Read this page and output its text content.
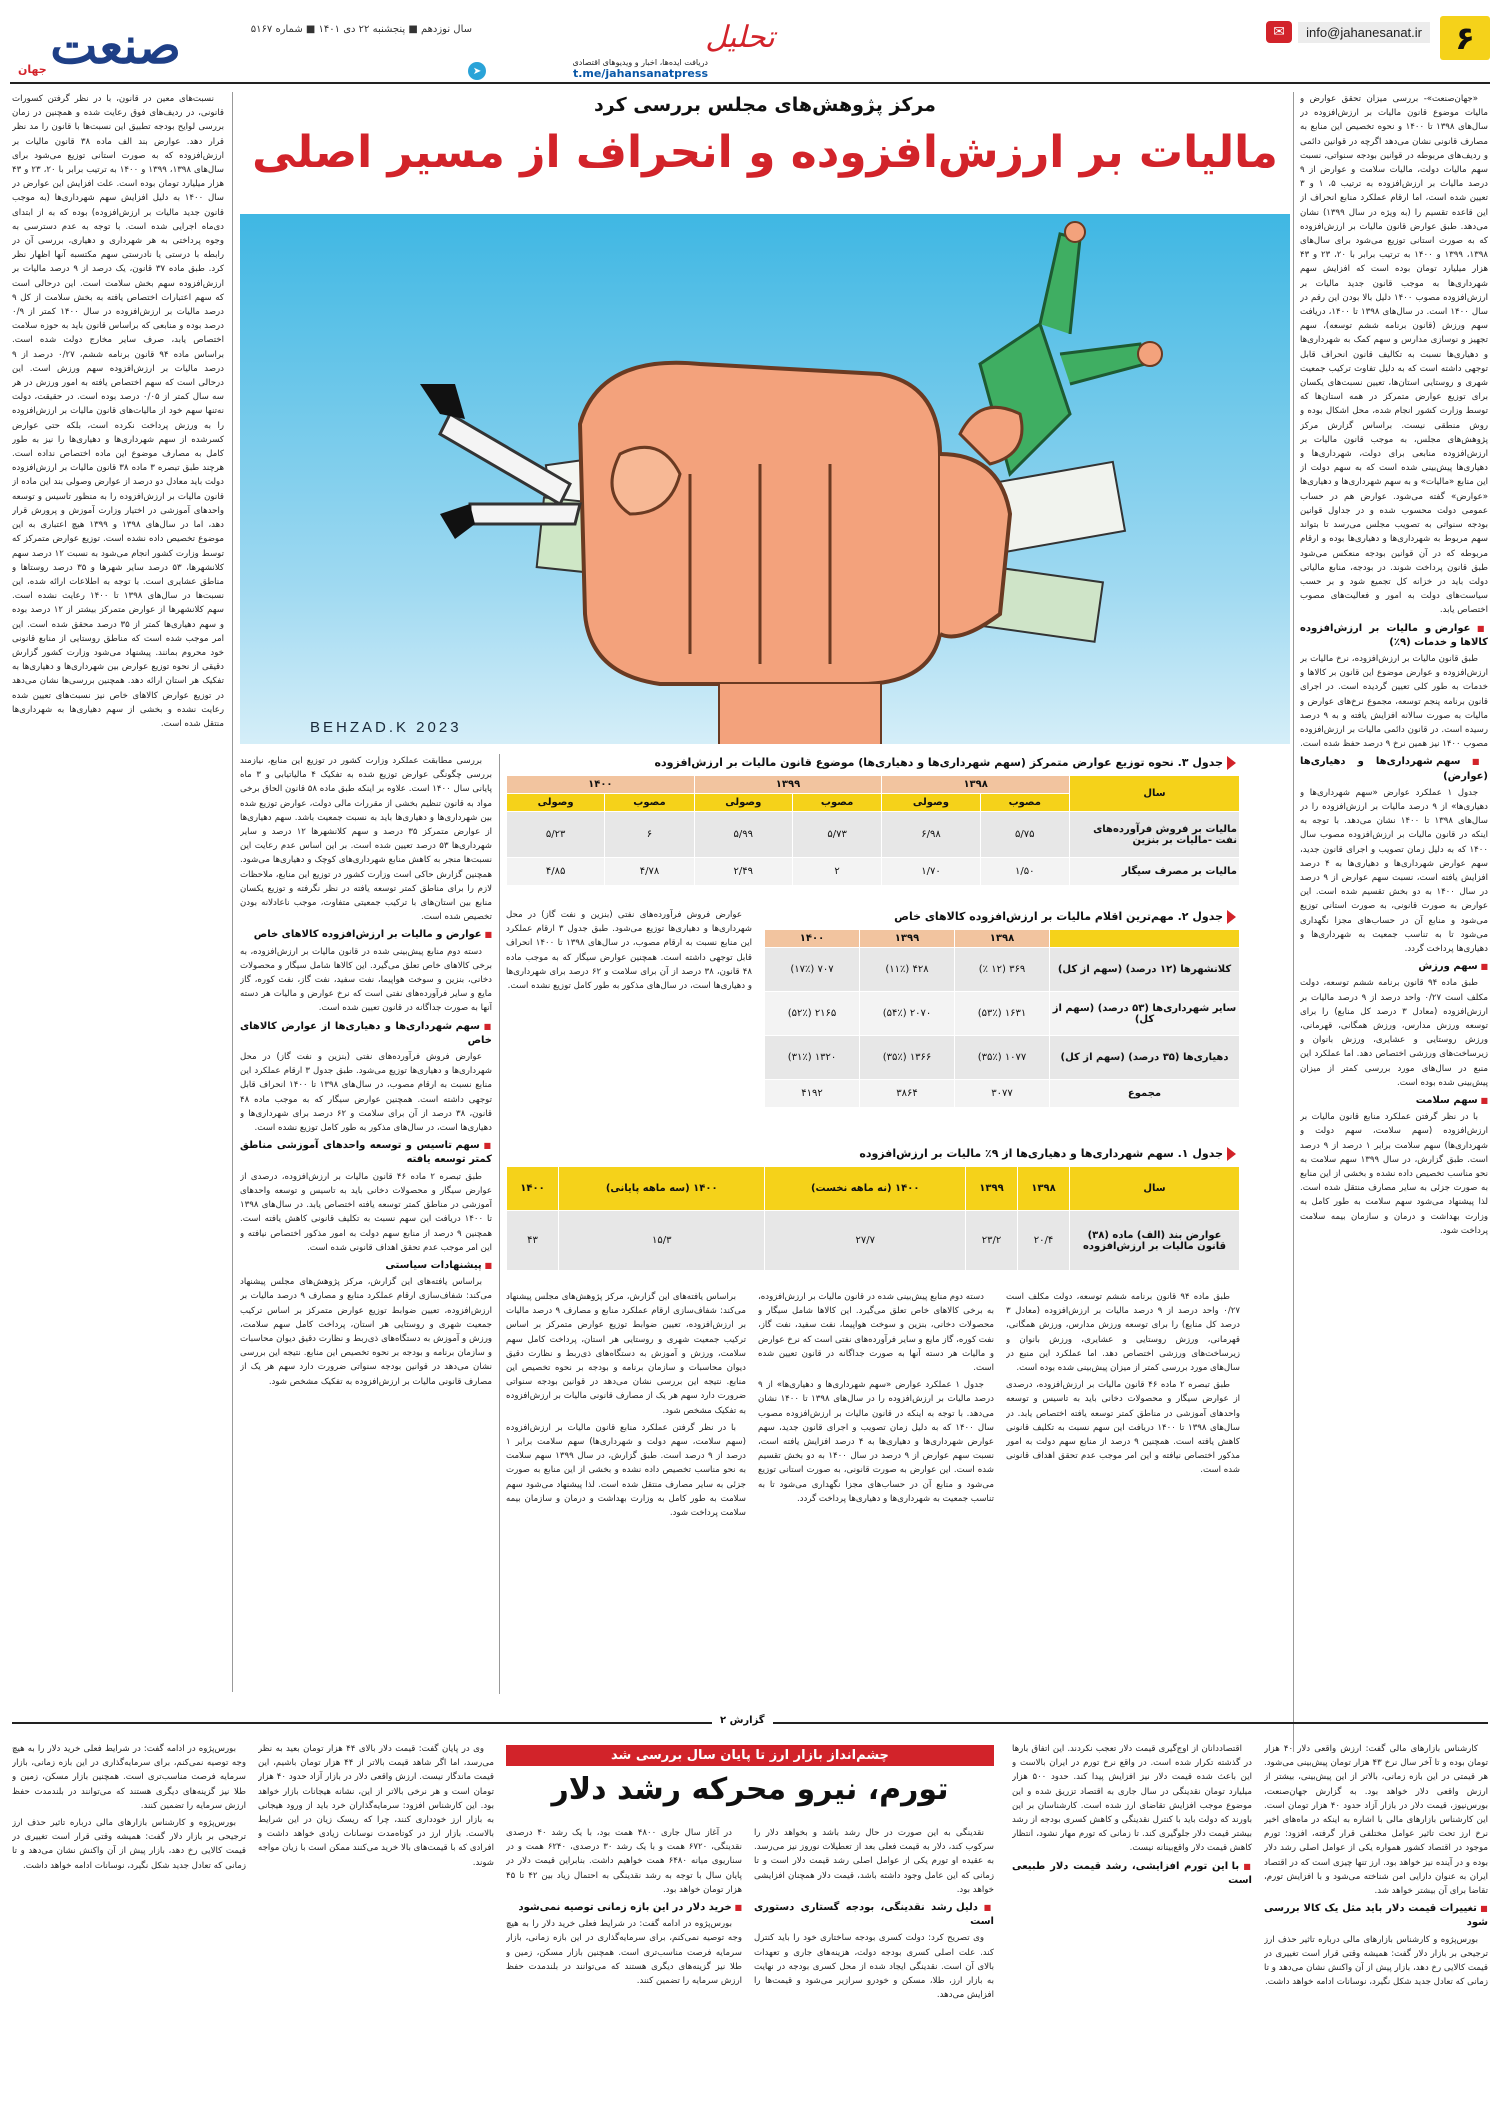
۶
✉	info@jahanesanat.ir
تحلیل
دریافت ایده‌ها، اخبار و ویدیوهای اقتصادی
t.me/jahansanatpress
➤
سال نوزدهم ■ پنجشنبه ۲۲ دی ۱۴۰۱ ■ شماره ۵۱۶۷
صنعت
جهان

«جهان‌صنعت»- بررسی میزان تحقق عوارض و مالیات موضوع قانون مالیات بر ارزش‌افزوده در سال‌های ۱۳۹۸ تا ۱۴۰۰ و نحوه تخصیص این منابع به مصارف قانونی نشان می‌دهد اگرچه در قوانین دائمی و ردیف‌های مربوطه در قوانین بودجه سنواتی، نسبت سهم مالیات دولت، مالیات سلامت و عوارض از ۹ درصد مالیات بر ارزش‌افزوده به ترتیب ۵، ۱ و ۳ تعیین شده است، اما ارقام عملکرد منابع انحراف از این قاعده تقسیم را (به ویژه در سال ۱۳۹۹) نشان می‌دهد. طبق عوارض قانون مالیات بر ارزش‌افزوده که به صورت استانی توزیع می‌شود برای سال‌های ۱۳۹۸، ۱۳۹۹ و ۱۴۰۰ به ترتیب برابر با ۲۰، ۲۳ و ۴۳ هزار میلیارد تومان بوده است که افزایش سهم شهرداری‌ها به موجب قانون جدید مالیات بر ارزش‌افزوده مصوب ۱۴۰۰ دلیل بالا بودن این رقم در سال ۱۴۰۰ است. در سال‌های ۱۳۹۸ تا ۱۴۰۰، دریافت سهم ورزش (قانون برنامه ششم توسعه)، سهم تجهیز و نوسازی مدارس و سهم کمک به شهرداری‌ها و دهیاری‌ها نسبت به تکالیف قانون انحراف قابل توجهی داشته است که به دلیل تفاوت ترکیب جمعیت شهری و روستایی استان‌ها، تعیین نسبت‌های یکسان برای توزیع عوارض متمرکز در همه استان‌ها که توسط وزارت کشور انجام شده، محل اشکال بوده و روش منطقی نیست. براساس گزارش مرکز پژوهش‌های مجلس، به موجب قانون مالیات بر ارزش‌افزوده منابعی برای دولت، شهرداری‌ها و دهیاری‌ها پیش‌بینی شده است که به سهم دولت از این منابع «مالیات» و به سهم شهرداری‌ها و دهیاری‌ها «عوارض» گفته می‌شود. عوارض هم در حساب عمومی دولت محسوب شده و در جداول قوانین بودجه سنواتی به تصویب مجلس می‌رسد تا بتواند سهم مربوط به شهرداری‌ها و دهیاری‌ها بوده و ارقام مربوطه که در آن قوانین بودجه منعکس می‌شود طبق قانون پرداخت شوند. در بودجه، منابع مالیاتی دولت باید در خزانه کل تجمیع شود و بر حسب سیاست‌های دولت به امور و فعالیت‌های مصوب اختصاص یابد.

■ عوارض و مالیات بر ارزش‌افزوده کالاها و خدمات (۹٪)

طبق قانون مالیات بر ارزش‌افزوده، نرخ مالیات بر ارزش‌افزوده و عوارض موضوع این قانون بر کالاها و خدمات به طور کلی تعیین گردیده است. در اجرای قانون برنامه پنجم توسعه، مجموع نرخ‌های عوارض و مالیات به صورت سالانه افزایش یافته و به ۹ درصد رسیده است. در قانون دائمی مالیات بر ارزش‌افزوده مصوب ۱۴۰۰ نیز همین نرخ ۹ درصد حفظ شده است.

■ سهم شهرداری‌ها و دهیاری‌ها (عوارض)

جدول ۱ عملکرد عوارض «سهم شهرداری‌ها و دهیاری‌ها» از ۹ درصد مالیات بر ارزش‌افزوده را در سال‌های ۱۳۹۸ تا ۱۴۰۰ نشان می‌دهد. با توجه به اینکه در قانون مالیات بر ارزش‌افزوده مصوب سال ۱۴۰۰ که به دلیل زمان تصویب و اجرای قانون جدید، سهم عوارض شهرداری‌ها و دهیاری‌ها به ۴ درصد افزایش یافته است، نسبت سهم عوارض از ۹ درصد در سال ۱۴۰۰ به دو بخش تقسیم شده است. این عوارض به صورت قانونی، به صورت استانی توزیع می‌شود و منابع آن در حساب‌های مجزا نگهداری می‌شود تا به تناسب جمعیت به شهرداری‌ها و دهیاری‌ها پرداخت گردد.

■ سهم ورزش

طبق ماده ۹۴ قانون برنامه ششم توسعه، دولت مکلف است ۰/۲۷ واحد درصد از ۹ درصد مالیات بر ارزش‌افزوده (معادل ۳ درصد کل منابع) را برای توسعه ورزش مدارس، ورزش همگانی، قهرمانی، ورزش روستایی و عشایری، ورزش بانوان و زیرساخت‌های ورزشی اختصاص دهد. اما عملکرد این منبع در سال‌های مورد بررسی کمتر از میزان پیش‌بینی شده بوده است.

■ سهم سلامت

با در نظر گرفتن عملکرد منابع قانون مالیات بر ارزش‌افزوده (سهم سلامت، سهم دولت و شهرداری‌ها) سهم سلامت برابر ۱ درصد از ۹ درصد است. طبق گزارش، در سال ۱۳۹۹ سهم سلامت به نحو مناسب تخصیص داده نشده و بخشی از این منابع به صورت جزئی به سایر مصارف منتقل شده است. لذا پیشنهاد می‌شود سهم سلامت به طور کامل به وزارت بهداشت و درمان و سازمان بیمه سلامت پرداخت شود.

مرکز پژوهش‌های مجلس بررسی کرد
مالیات بر ارزش‌افزوده و انحراف از مسیر اصلی
BEHZAD.K 2023

نسبت‌های معین در قانون، با در نظر گرفتن کسورات قانونی، در ردیف‌های فوق رعایت شده و همچنین در زمان بررسی لوایح بودجه تطبیق این نسبت‌ها با قانون را مد نظر قرار دهد. عوارض بند الف ماده ۳۸ قانون مالیات بر ارزش‌افزوده که به صورت استانی توزیع می‌شود برای سال‌های ۱۳۹۸، ۱۳۹۹ و ۱۴۰۰ به ترتیب برابر با ۲۰، ۲۳ و ۴۳ هزار میلیارد تومان بوده است. علت افزایش این عوارض در سال ۱۴۰۰ به دلیل افزایش سهم شهرداری‌ها (به موجب قانون جدید مالیات بر ارزش‌افزوده) بوده که به از ابتدای دی‌ماه اجرایی شده است. با توجه به عدم دسترسی به وجوه پرداختی به هر شهرداری و دهیاری، بررسی آن در رابطه با درستی یا نادرستی سهم مکتسبه آنها اظهار نظر کرد. طبق ماده ۳۷ قانون، یک درصد از ۹ درصد مالیات بر ارزش‌افزوده سهم بخش سلامت است. این درحالی است که سهم اعتبارات اختصاص یافته به بخش سلامت از کل ۹ درصد مالیات بر ارزش‌افزوده در سال ۱۴۰۰ کمتر از ۰/۹ درصد بوده و منابعی که براساس قانون باید به حوزه سلامت اختصاص یابد، صرف سایر مخارج دولت شده است. براساس ماده ۹۴ قانون برنامه ششم، ۰/۲۷ درصد از ۹ درصد مالیات بر ارزش‌افزوده سهم ورزش است. این درحالی است که سهم اختصاص یافته به امور ورزش در هر سه سال کمتر از ۰/۰۵ درصد بوده است. در حقیقت، دولت نه‌تنها سهم خود از مالیات‌های قانون مالیات بر ارزش‌افزوده را به ورزش پرداخت نکرده است، بلکه حتی عوارض کسرشده از سهم شهرداری‌ها و دهیاری‌ها را نیز به طور کامل به مصارف موضوع این ماده اختصاص نداده است. هرچند طبق تبصره ۳ ماده ۳۸ قانون مالیات بر ارزش‌افزوده دولت باید معادل دو درصد از عوارض وصولی بند این ماده از قانون مالیات بر ارزش‌افزوده را به منظور تاسیس و توسعه واحدهای آموزشی در اختیار وزارت آموزش و پرورش قرار دهد، اما در سال‌های ۱۳۹۸ و ۱۳۹۹ هیچ اعتباری به این موضوع تخصیص داده نشده است. توزیع عوارض متمرکز که توسط وزارت کشور انجام می‌شود به نسبت ۱۲ درصد سهم کلانشهرها، ۵۳ درصد سایر شهرها و ۳۵ درصد روستاها و مناطق عشایری است. با توجه به اطلاعات ارائه شده، این نسبت‌ها در سال‌های ۱۳۹۸ تا ۱۴۰۰ رعایت نشده است. سهم کلانشهرها از عوارض متمرکز بیشتر از ۱۲ درصد بوده و سهم دهیاری‌ها کمتر از ۳۵ درصد محقق شده است. این امر موجب شده است که مناطق روستایی از منابع قانونی خود محروم بمانند. پیشنهاد می‌شود وزارت کشور گزارش دقیقی از نحوه توزیع عوارض بین شهرداری‌ها و دهیاری‌ها به تفکیک هر استان ارائه دهد. همچنین بررسی‌ها نشان می‌دهد در توزیع عوارض کالاهای خاص نیز نسبت‌های تعیین شده رعایت نشده و بخشی از سهم دهیاری‌ها به شهرداری‌ها منتقل شده است.

بررسی مطابقت عملکرد وزارت کشور در توزیع این منابع، نیازمند بررسی چگونگی عوارض توزیع شده به تفکیک ۴ مالیاتیابی و ۳ ماه پایانی سال ۱۴۰۰ است. علاوه بر اینکه طبق ماده ۵۸ قانون الحاق برخی مواد به قانون تنظیم بخشی از مقررات مالی دولت، عوارض توزیع شده بین شهرداری‌ها و دهیاری‌ها باید به نسبت جمعیت باشد. سهم دهیاری‌ها از عوارض متمرکز ۳۵ درصد و سهم کلانشهرها ۱۲ درصد و سایر شهرداری‌ها ۵۳ درصد تعیین شده است. بر این اساس عدم رعایت این نسبت‌ها منجر به کاهش منابع شهرداری‌های کوچک و دهیاری‌ها می‌شود. همچنین گزارش حاکی است وزارت کشور در توزیع این منابع، ملاحظات لازم را برای مناطق کمتر توسعه یافته در نظر نگرفته و توزیع یکسان منابع بین استان‌های با ترکیب جمعیتی متفاوت، موجب ناعادلانه بودن تخصیص شده است.

■ عوارض و مالیات بر ارزش‌افزوده کالاهای خاص

دسته دوم منابع پیش‌بینی شده در قانون مالیات بر ارزش‌افزوده، به برخی کالاهای خاص تعلق می‌گیرد. این کالاها شامل سیگار و محصولات دخانی، بنزین و سوخت هواپیما، نفت سفید، نفت گاز، نفت کوره، گاز مایع و سایر فرآورده‌های نفتی است که نرخ عوارض و مالیات هر دسته آنها به صورت جداگانه در قانون تعیین شده است.

■ سهم شهرداری‌ها و دهیاری‌ها از عوارض کالاهای خاص

عوارض فروش فرآورده‌های نفتی (بنزین و نفت گاز) در محل شهرداری‌ها و دهیاری‌ها توزیع می‌شود. طبق جدول ۳ ارقام عملکرد این منابع نسبت به ارقام مصوب، در سال‌های ۱۳۹۸ تا ۱۴۰۰ انحراف قابل توجهی داشته است. همچنین عوارض سیگار که به موجب ماده ۴۸ قانون، ۳۸ درصد از آن برای سلامت و ۶۲ درصد برای شهرداری‌ها و دهیاری‌ها است، در سال‌های مذکور به طور کامل توزیع نشده است.

■ سهم تاسیس و توسعه واحدهای آموزشی مناطق کمتر توسعه یافته

طبق تبصره ۲ ماده ۴۶ قانون مالیات بر ارزش‌افزوده، درصدی از عوارض سیگار و محصولات دخانی باید به تاسیس و توسعه واحدهای آموزشی در مناطق کمتر توسعه یافته اختصاص یابد. در سال‌های ۱۳۹۸ تا ۱۴۰۰ دریافت این سهم نسبت به تکلیف قانونی کاهش یافته است. همچنین ۹ درصد از منابع سهم دولت به امور مذکور اختصاص نیافته و این امر موجب عدم تحقق اهداف قانونی شده است.

■ پیشنهادات سیاستی

براساس یافته‌های این گزارش، مرکز پژوهش‌های مجلس پیشنهاد می‌کند: شفاف‌سازی ارقام عملکرد منابع و مصارف ۹ درصد مالیات بر ارزش‌افزوده، تعیین ضوابط توزیع عوارض متمرکز بر اساس ترکیب جمعیت شهری و روستایی هر استان، پرداخت کامل سهم سلامت، ورزش و آموزش به دستگاه‌های ذی‌ربط و نظارت دقیق دیوان محاسبات و سازمان برنامه و بودجه بر نحوه تخصیص این منابع. نتیجه این بررسی نشان می‌دهد در قوانین بودجه سنواتی ضرورت دارد سهم هر یک از مصارف قانونی مالیات بر ارزش‌افزوده به تفکیک مشخص شود.

جدول ۳. نحوه توزیع عوارض متمرکز (سهم شهرداری‌ها و دهیاری‌ها) موضوع قانون مالیات بر ارزش‌افزوده
سال	۱۳۹۸		۱۳۹۹		۱۴۰۰	
	مصوب	وصولی	مصوب	وصولی	مصوب	وصولی
مالیات بر فروش فرآورده‌های نفت -مالیات بر بنزین	۵/۷۵	۶/۹۸	۵/۷۳	۵/۹۹	۶	۵/۲۳
مالیات بر مصرف سیگار	۱/۵۰	۱/۷۰	۲	۲/۴۹	۴/۷۸	۴/۸۵

عوارض فروش فرآورده‌های نفتی (بنزین و نفت گاز) در محل شهرداری‌ها و دهیاری‌ها توزیع می‌شود. طبق جدول ۳ ارقام عملکرد این منابع نسبت به ارقام مصوب، در سال‌های ۱۳۹۸ تا ۱۴۰۰ انحراف قابل توجهی داشته است. همچنین عوارض سیگار که به موجب ماده ۴۸ قانون، ۳۸ درصد از آن برای سلامت و ۶۲ درصد برای شهرداری‌ها و دهیاری‌ها است، در سال‌های مذکور به طور کامل توزیع نشده است.

جدول ۲. مهم‌ترین اقلام مالیات بر ارزش‌افزوده کالاهای خاص
	۱۳۹۸	۱۳۹۹	۱۴۰۰
کلانشهرها (۱۲ درصد) (سهم از کل)	۳۶۹ (۱۲ ٪)	۴۲۸ (۱۱٪)	۷۰۷ (۱۷٪)
سایر شهرداری‌ها (۵۳ درصد) (سهم از کل)	۱۶۳۱ (۵۳٪)	۲۰۷۰ (۵۴٪)	۲۱۶۵ (۵۲٪)
دهیاری‌ها (۳۵ درصد) (سهم از کل)	۱۰۷۷ (۳۵٪)	۱۳۶۶ (۳۵٪)	۱۳۲۰ (۳۱٪)
مجموع	۳۰۷۷	۳۸۶۴	۴۱۹۲
جدول ۱. سهم شهرداری‌ها و دهیاری‌ها از ۹٪ مالیات بر ارزش‌افزوده
سال	۱۳۹۸	۱۳۹۹	۱۴۰۰ (نه ماهه نخست)	۱۴۰۰ (سه ماهه پایانی)	۱۴۰۰
عوارض بند (الف) ماده (۳۸) قانون مالیات بر ارزش‌افزوده	۲۰/۴	۲۳/۲	۲۷/۷	۱۵/۳	۴۳

طبق ماده ۹۴ قانون برنامه ششم توسعه، دولت مکلف است ۰/۲۷ واحد درصد از ۹ درصد مالیات بر ارزش‌افزوده (معادل ۳ درصد کل منابع) را برای توسعه ورزش مدارس، ورزش همگانی، قهرمانی، ورزش روستایی و عشایری، ورزش بانوان و زیرساخت‌های ورزشی اختصاص دهد. اما عملکرد این منبع در سال‌های مورد بررسی کمتر از میزان پیش‌بینی شده بوده است.

طبق تبصره ۲ ماده ۴۶ قانون مالیات بر ارزش‌افزوده، درصدی از عوارض سیگار و محصولات دخانی باید به تاسیس و توسعه واحدهای آموزشی در مناطق کمتر توسعه یافته اختصاص یابد. در سال‌های ۱۳۹۸ تا ۱۴۰۰ دریافت این سهم نسبت به تکلیف قانونی کاهش یافته است. همچنین ۹ درصد از منابع سهم دولت به امور مذکور اختصاص نیافته و این امر موجب عدم تحقق اهداف قانونی شده است.

دسته دوم منابع پیش‌بینی شده در قانون مالیات بر ارزش‌افزوده، به برخی کالاهای خاص تعلق می‌گیرد. این کالاها شامل سیگار و محصولات دخانی، بنزین و سوخت هواپیما، نفت سفید، نفت گاز، نفت کوره، گاز مایع و سایر فرآورده‌های نفتی است که نرخ عوارض و مالیات هر دسته آنها به صورت جداگانه در قانون تعیین شده است.

جدول ۱ عملکرد عوارض «سهم شهرداری‌ها و دهیاری‌ها» از ۹ درصد مالیات بر ارزش‌افزوده را در سال‌های ۱۳۹۸ تا ۱۴۰۰ نشان می‌دهد. با توجه به اینکه در قانون مالیات بر ارزش‌افزوده مصوب سال ۱۴۰۰ که به دلیل زمان تصویب و اجرای قانون جدید، سهم عوارض شهرداری‌ها و دهیاری‌ها به ۴ درصد افزایش یافته است، نسبت سهم عوارض از ۹ درصد در سال ۱۴۰۰ به دو بخش تقسیم شده است. این عوارض به صورت قانونی، به صورت استانی توزیع می‌شود و منابع آن در حساب‌های مجزا نگهداری می‌شود تا به تناسب جمعیت به شهرداری‌ها و دهیاری‌ها پرداخت گردد.

براساس یافته‌های این گزارش، مرکز پژوهش‌های مجلس پیشنهاد می‌کند: شفاف‌سازی ارقام عملکرد منابع و مصارف ۹ درصد مالیات بر ارزش‌افزوده، تعیین ضوابط توزیع عوارض متمرکز بر اساس ترکیب جمعیت شهری و روستایی هر استان، پرداخت کامل سهم سلامت، ورزش و آموزش به دستگاه‌های ذی‌ربط و نظارت دقیق دیوان محاسبات و سازمان برنامه و بودجه بر نحوه تخصیص این منابع. نتیجه این بررسی نشان می‌دهد در قوانین بودجه سنواتی ضرورت دارد سهم هر یک از مصارف قانونی مالیات بر ارزش‌افزوده به تفکیک مشخص شود.

با در نظر گرفتن عملکرد منابع قانون مالیات بر ارزش‌افزوده (سهم سلامت، سهم دولت و شهرداری‌ها) سهم سلامت برابر ۱ درصد از ۹ درصد است. طبق گزارش، در سال ۱۳۹۹ سهم سلامت به نحو مناسب تخصیص داده نشده و بخشی از این منابع به صورت جزئی به سایر مصارف منتقل شده است. لذا پیشنهاد می‌شود سهم سلامت به طور کامل به وزارت بهداشت و درمان و سازمان بیمه سلامت پرداخت شود.

گزارش ۲

کارشناس بازارهای مالی گفت: ارزش واقعی دلار ۴۰ هزار تومان بوده و تا آخر سال نرخ ۴۳ هزار تومان پیش‌بینی می‌شود. هر قیمتی در این بازه زمانی، بالاتر از این پیش‌بینی، بیشتر از ارزش واقعی دلار خواهد بود. به گزارش جهان‌صنعت، بورس‌نیوز، قیمت دلار در بازار آزاد حدود ۴۰ هزار تومان است. این کارشناس بازارهای مالی با اشاره به اینکه در ماه‌های اخیر نرخ ارز تحت تاثیر عوامل مختلفی قرار گرفته، افزود: تورم موجود در اقتصاد کشور همواره یکی از عوامل اصلی رشد دلار بوده و در آینده نیز خواهد بود. ارز تنها چیزی است که در اقتصاد ایران به عنوان دارایی امن شناخته می‌شود و با افزایش تورم، تقاضا برای آن بیشتر خواهد شد.

■ تغییرات قیمت دلار باید مثل یک کالا بررسی شود

بورس‌پژوه و کارشناس بازارهای مالی درباره تاثیر حذف ارز ترجیحی بر بازار دلار گفت: همیشه وقتی قرار است تغییری در قیمت کالایی رخ دهد، بازار پیش از آن واکنش نشان می‌دهد و تا زمانی که تعادل جدید شکل نگیرد، نوسانات ادامه خواهد داشت.

اقتصاددانان از اوج‌گیری قیمت دلار تعجب نکردند. این اتفاق بارها در گذشته تکرار شده است. در واقع نرخ تورم در ایران بالاست و این باعث شده قیمت دلار نیز افزایش پیدا کند. حدود ۵۰۰ هزار میلیارد تومان نقدینگی در سال جاری به اقتصاد تزریق شده و این موضوع موجب افزایش تقاضای ارز شده است. کارشناسان بر این باورند که دولت باید با کنترل نقدینگی و کاهش کسری بودجه از رشد بیشتر قیمت دلار جلوگیری کند. تا زمانی که تورم مهار نشود، انتظار کاهش قیمت دلار واقع‌بینانه نیست.

■ با این تورم افزایشی، رشد قیمت دلار طبیعی است
چشم‌انداز بازار ارز تا پایان سال بررسی شد
تورم، نیرو محرکه رشد دلار

نقدینگی به این صورت در حال رشد باشد و بخواهد دلار را سرکوب کند، دلار به قیمت فعلی بعد از تعطیلات نوروز نیز می‌رسد. به عقیده او تورم یکی از عوامل اصلی رشد قیمت دلار است و تا زمانی که این عامل وجود داشته باشد، قیمت دلار همچنان افزایشی خواهد بود.

■ دلیل رشد نقدینگی، بودجه گستاری دستوری است

وی تصریح کرد: دولت کسری بودجه ساختاری خود را باید کنترل کند. علت اصلی کسری بودجه دولت، هزینه‌های جاری و تعهدات بالای آن است. نقدینگی ایجاد شده از محل کسری بودجه در نهایت به بازار ارز، طلا، مسکن و خودرو سرازیر می‌شود و قیمت‌ها را افزایش می‌دهد.

در آغاز سال جاری ۴۸۰۰ همت بود، با یک رشد ۴۰ درصدی نقدینگی، ۶۷۲۰ همت و با یک رشد ۳۰ درصدی، ۶۲۴۰ همت و در سناریوی میانه ۶۴۸۰ همت خواهیم داشت. بنابراین قیمت دلار در پایان سال با توجه به رشد نقدینگی به احتمال زیاد بین ۴۲ تا ۴۵ هزار تومان خواهد بود.

■ خرید دلار در این بازه زمانی توصیه نمی‌شود

بورس‌پژوه در ادامه گفت: در شرایط فعلی خرید دلار را به هیچ وجه توصیه نمی‌کنم، برای سرمایه‌گذاری در این بازه زمانی، بازار سرمایه فرصت مناسب‌تری است. همچنین بازار مسکن، زمین و طلا نیز گزینه‌های دیگری هستند که می‌توانند در بلندمدت حفظ ارزش سرمایه را تضمین کنند.

وی در پایان گفت: قیمت دلار بالای ۴۴ هزار تومان بعید به نظر می‌رسد، اما اگر شاهد قیمت بالاتر از ۴۴ هزار تومان باشیم، این قیمت ماندگار نیست. ارزش واقعی دلار در بازار آزاد حدود ۴۰ هزار تومان است و هر نرخی بالاتر از این، نشانه هیجانات بازار خواهد بود. این کارشناس افزود: سرمایه‌گذاران خرد باید از ورود هیجانی به بازار ارز خودداری کنند، چرا که ریسک زیان در این شرایط بالاست. بازار ارز در کوتاه‌مدت نوسانات زیادی خواهد داشت و افرادی که با قیمت‌های بالا خرید می‌کنند ممکن است با زیان مواجه شوند.

بورس‌پژوه در ادامه گفت: در شرایط فعلی خرید دلار را به هیچ وجه توصیه نمی‌کنم، برای سرمایه‌گذاری در این بازه زمانی، بازار سرمایه فرصت مناسب‌تری است. همچنین بازار مسکن، زمین و طلا نیز گزینه‌های دیگری هستند که می‌توانند در بلندمدت حفظ ارزش سرمایه را تضمین کنند.

بورس‌پژوه و کارشناس بازارهای مالی درباره تاثیر حذف ارز ترجیحی بر بازار دلار گفت: همیشه وقتی قرار است تغییری در قیمت کالایی رخ دهد، بازار پیش از آن واکنش نشان می‌دهد و تا زمانی که تعادل جدید شکل نگیرد، نوسانات ادامه خواهد داشت.
